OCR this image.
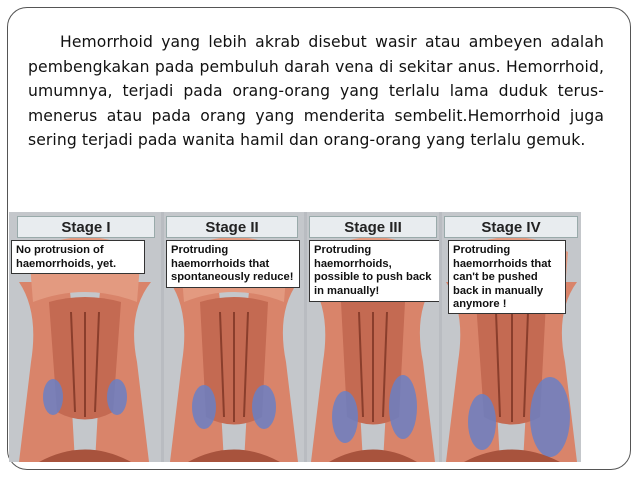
Hemorrhoid yang lebih akrab disebut wasir atau ambeyen adalah pembengkakan pada pembuluh darah vena di sekitar anus. Hemorrhoid, umumnya, terjadi pada orang-orang yang terlalu lama duduk terus-menerus atau pada orang yang menderita sembelit.Hemorrhoid juga sering terjadi pada wanita hamil dan orang-orang yang terlalu gemuk.
Stage I
No protrusion of haemorrhoids, yet.
Stage II
Protruding haemorrhoids that spontaneously reduce!
Stage III
Protruding haemorrhoids, possible to push back in manually!
Stage IV
Protruding haemorrhoids that can't be pushed back in manually anymore !
